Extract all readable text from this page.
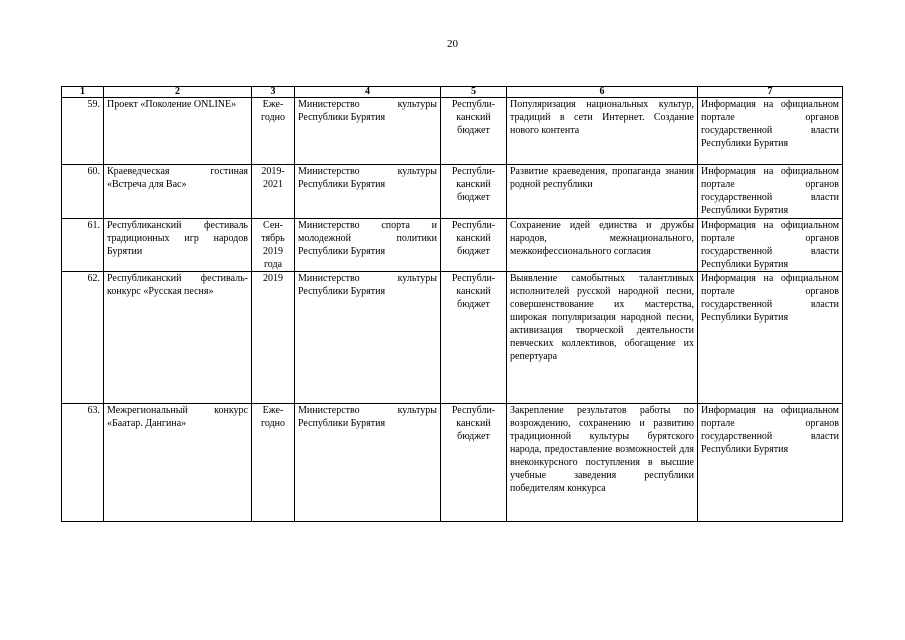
20
1	2	3	4	5	6	7
59.	Проект «Поколение ONLINE»	Еже-годно	Министерство культуры Республики Бурятия	Республи-канский бюджет	Популяризация национальных культур, традиций в сети Интернет. Создание нового контента	Информация на официальном портале органов государственной власти Республики Бурятия
60.	Краеведческая гостиная «Встреча для Вас»	2019-2021	Министерство культуры Республики Бурятия	Республи-канский бюджет	Развитие краеведения, пропаганда знания родной республики	Информация на официальном портале органов государственной власти Республики Бурятия
61.	Республиканский фестиваль традиционных игр народов Бурятии	Сен-тябрь 2019 года	Министерство спорта и молодежной политики Республики Бурятия	Республи-канский бюджет	Сохранение идей единства и дружбы народов, межнационального, межконфессионального согласия	Информация на официальном портале органов государственной власти Республики Бурятия
62.	Республиканский фестиваль-конкурс «Русская песня»	2019	Министерство культуры Республики Бурятия	Республи-канский бюджет	Выявление самобытных талантливых исполнителей русской народной песни, совершенствование их мастерства, широкая популяризация народной песни, активизация творческой деятельности певческих коллективов, обогащение их репертуара	Информация на официальном портале органов государственной власти Республики Бурятия
63.	Межрегиональный конкурс «Баатар. Дангина»	Еже-годно	Министерство культуры Республики Бурятия	Республи-канский бюджет	Закрепление результатов работы по возрождению, сохранению и развитию традиционной культуры бурятского народа, предоставление возможностей для внеконкурсного поступления в высшие учебные заведения республики победителям конкурса	Информация на официальном портале органов государственной власти Республики Бурятия
